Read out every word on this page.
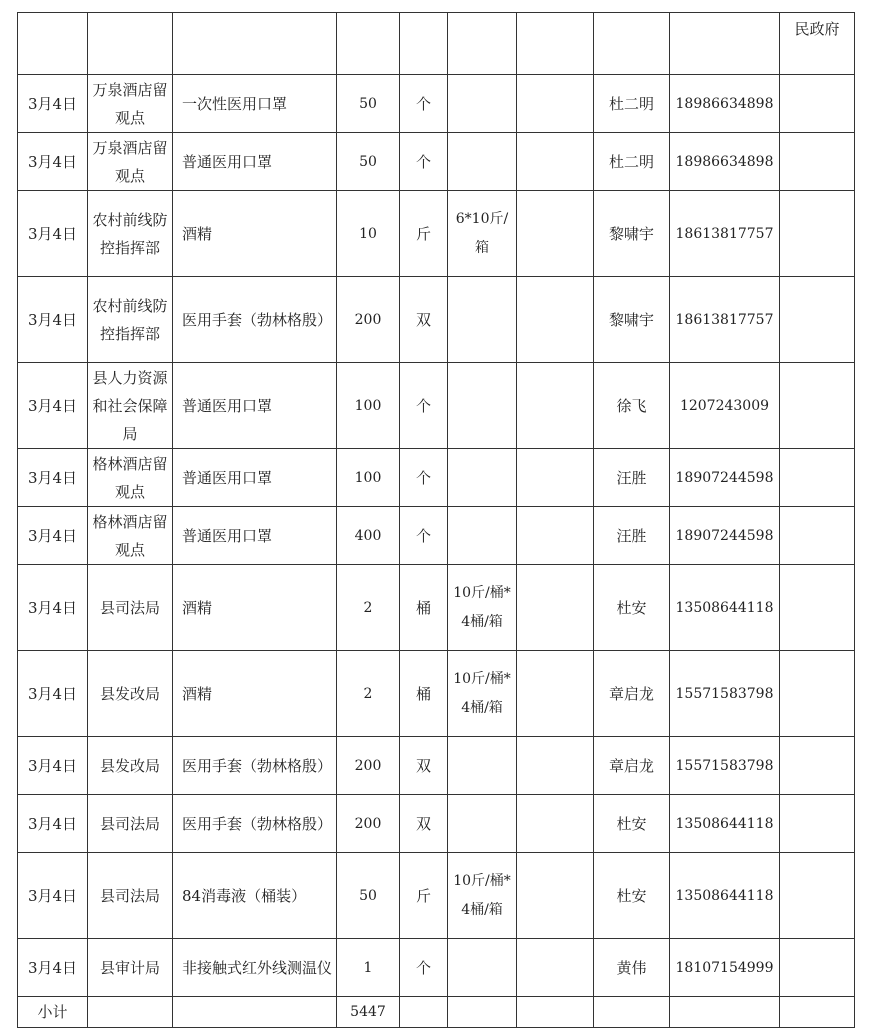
									民政府
3月4日	万泉酒店留观点	一次性医用口罩	50	个			杜二明	18986634898	
3月4日	万泉酒店留观点	普通医用口罩	50	个			杜二明	18986634898	
3月4日	农村前线防控指挥部	酒精	10	斤	6*10斤/箱		黎啸宇	18613817757	
3月4日	农村前线防控指挥部	医用手套（勃林格殷）	200	双			黎啸宇	18613817757	
3月4日	县人力资源和社会保障局	普通医用口罩	100	个			徐飞	1207243009	
3月4日	格林酒店留观点	普通医用口罩	100	个			汪胜	18907244598	
3月4日	格林酒店留观点	普通医用口罩	400	个			汪胜	18907244598	
3月4日	县司法局	酒精	2	桶	10斤/桶*4桶/箱		杜安	13508644118	
3月4日	县发改局	酒精	2	桶	10斤/桶*4桶/箱		章启龙	15571583798	
3月4日	县发改局	医用手套（勃林格殷）	200	双			章启龙	15571583798	
3月4日	县司法局	医用手套（勃林格殷）	200	双			杜安	13508644118	
3月4日	县司法局	84消毒液（桶装）	50	斤	10斤/桶*4桶/箱		杜安	13508644118	
3月4日	县审计局	非接触式红外线测温仪	1	个			黄伟	18107154999	
小计			5447						
